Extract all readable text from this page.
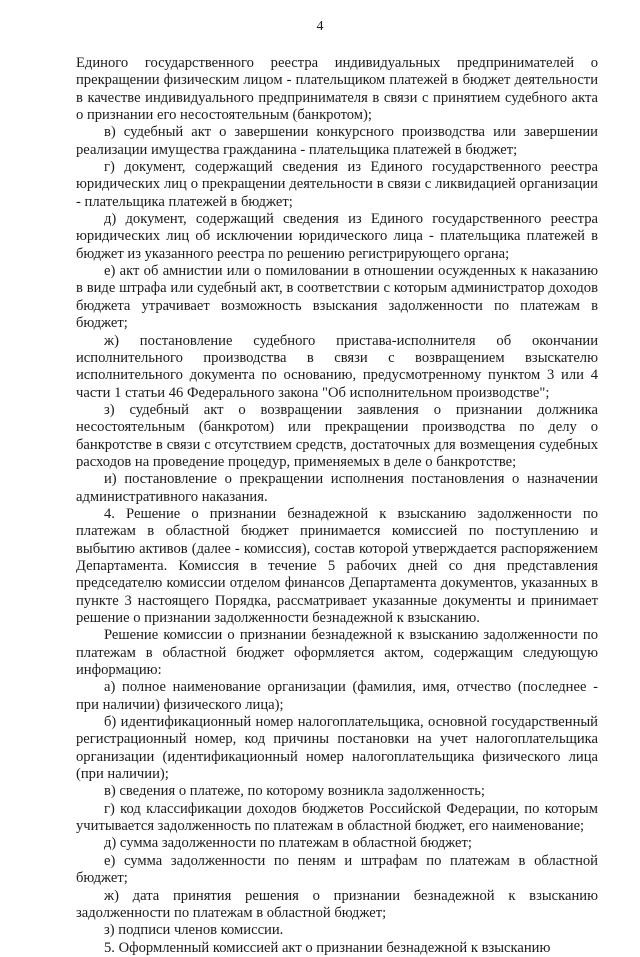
4

Единого государственного реестра индивидуальных предпринимателей о прекращении физическим лицом - плательщиком платежей в бюджет деятельности в качестве индивидуального предпринимателя в связи с принятием судебного акта о признании его несостоятельным (банкротом);

в) судебный акт о завершении конкурсного производства или завершении реализации имущества гражданина - плательщика платежей в бюджет;

г) документ, содержащий сведения из Единого государственного реестра юридических лиц о прекращении деятельности в связи с ликвидацией организации - плательщика платежей в бюджет;

д) документ, содержащий сведения из Единого государственного реестра юридических лиц об исключении юридического лица - плательщика платежей в бюджет из указанного реестра по решению регистрирующего органа;

е) акт об амнистии или о помиловании в отношении осужденных к наказанию в виде штрафа или судебный акт, в соответствии с которым администратор доходов бюджета утрачивает возможность взыскания задолженности по платежам в бюджет;

ж) постановление судебного пристава-исполнителя об окончании исполнительного производства в связи с возвращением взыскателю исполнительного документа по основанию, предусмотренному пунктом 3 или 4 части 1 статьи 46 Федерального закона "Об исполнительном производстве";

з) судебный акт о возвращении заявления о признании должника несостоятельным (банкротом) или прекращении производства по делу о банкротстве в связи с отсутствием средств, достаточных для возмещения судебных расходов на проведение процедур, применяемых в деле о банкротстве;

и) постановление о прекращении исполнения постановления о назначении административного наказания.

4. Решение о признании безнадежной к взысканию задолженности по платежам в областной бюджет принимается комиссией по поступлению и выбытию активов (далее - комиссия), состав которой утверждается распоряжением Департамента. Комиссия в течение 5 рабочих дней со дня представления председателю комиссии отделом финансов Департамента документов, указанных в пункте 3 настоящего Порядка, рассматривает указанные документы и принимает решение о признании задолженности безнадежной к взысканию.

Решение комиссии о признании безнадежной к взысканию задолженности по платежам в областной бюджет оформляется актом, содержащим следующую информацию:

а) полное наименование организации (фамилия, имя, отчество (последнее - при наличии) физического лица);

б) идентификационный номер налогоплательщика, основной государственный регистрационный номер, код причины постановки на учет налогоплательщика организации (идентификационный номер налогоплательщика физического лица (при наличии);

в) сведения о платеже, по которому возникла задолженность;

г) код классификации доходов бюджетов Российской Федерации, по которым учитывается задолженность по платежам в областной бюджет, его наименование;

д) сумма задолженности по платежам в областной бюджет;

е) сумма задолженности по пеням и штрафам по платежам в областной бюджет;

ж) дата принятия решения о признании безнадежной к взысканию задолженности по платежам в областной бюджет;

з) подписи членов комиссии.

5. Оформленный комиссией акт о признании безнадежной к взысканию
